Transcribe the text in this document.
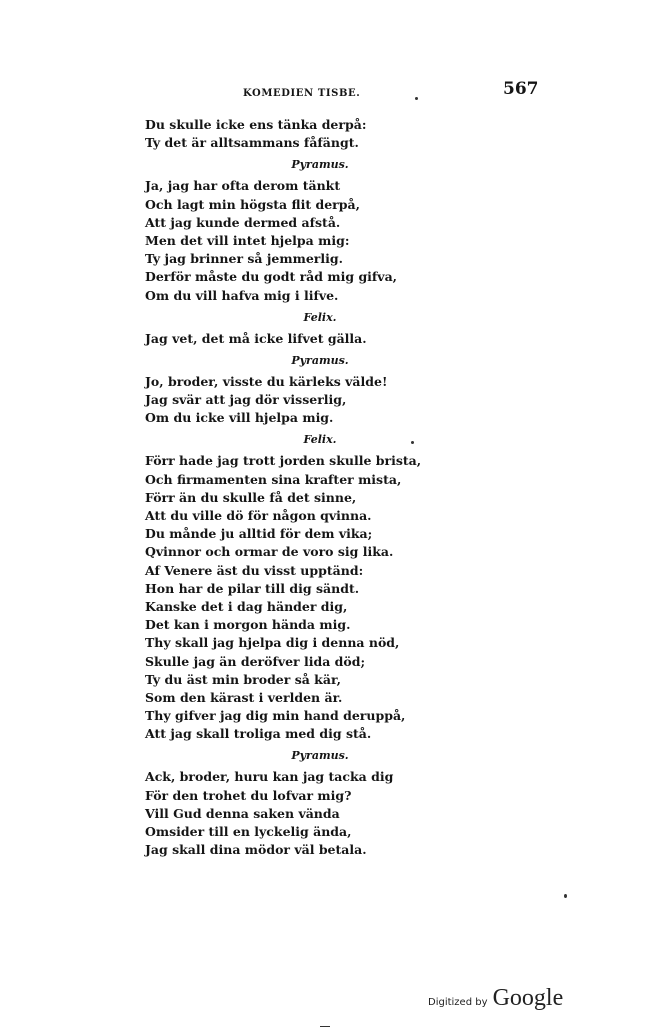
KOMEDIEN TISBE.	567
Du skulle icke ens tänka derpå:
Ty det är alltsammans fåfängt.
Pyramus.
Ja, jag har ofta derom tänkt
Och lagt min högsta flit derpå,
Att jag kunde dermed afstå.
Men det vill intet hjelpa mig:
Ty jag brinner så jemmerlig.
Derför måste du godt råd mig gifva,
Om du vill hafva mig i lifve.
Felix.
Jag vet, det må icke lifvet gälla.
Pyramus.
Jo, broder, visste du kärleks välde!
Jag svär att jag dör visserlig,
Om du icke vill hjelpa mig.
Felix.
Förr hade jag trott jorden skulle brista,
Och firmamenten sina krafter mista,
Förr än du skulle få det sinne,
Att du ville dö för någon qvinna.
Du månde ju alltid för dem vika;
Qvinnor och ormar de voro sig lika.
Af Venere äst du visst upptänd:
Hon har de pilar till dig sändt.
Kanske det i dag händer dig,
Det kan i morgon hända mig.
Thy skall jag hjelpa dig i denna nöd,
Skulle jag än deröfver lida död;
Ty du äst min broder så kär,
Som den kärast i verlden är.
Thy gifver jag dig min hand deruppå,
Att jag skall troliga med dig stå.
Pyramus.
Ack, broder, huru kan jag tacka dig
För den trohet du lofvar mig?
Vill Gud denna saken vända
Omsider till en lyckelig ända,
Jag skall dina mödor väl betala.
Digitized by Google
